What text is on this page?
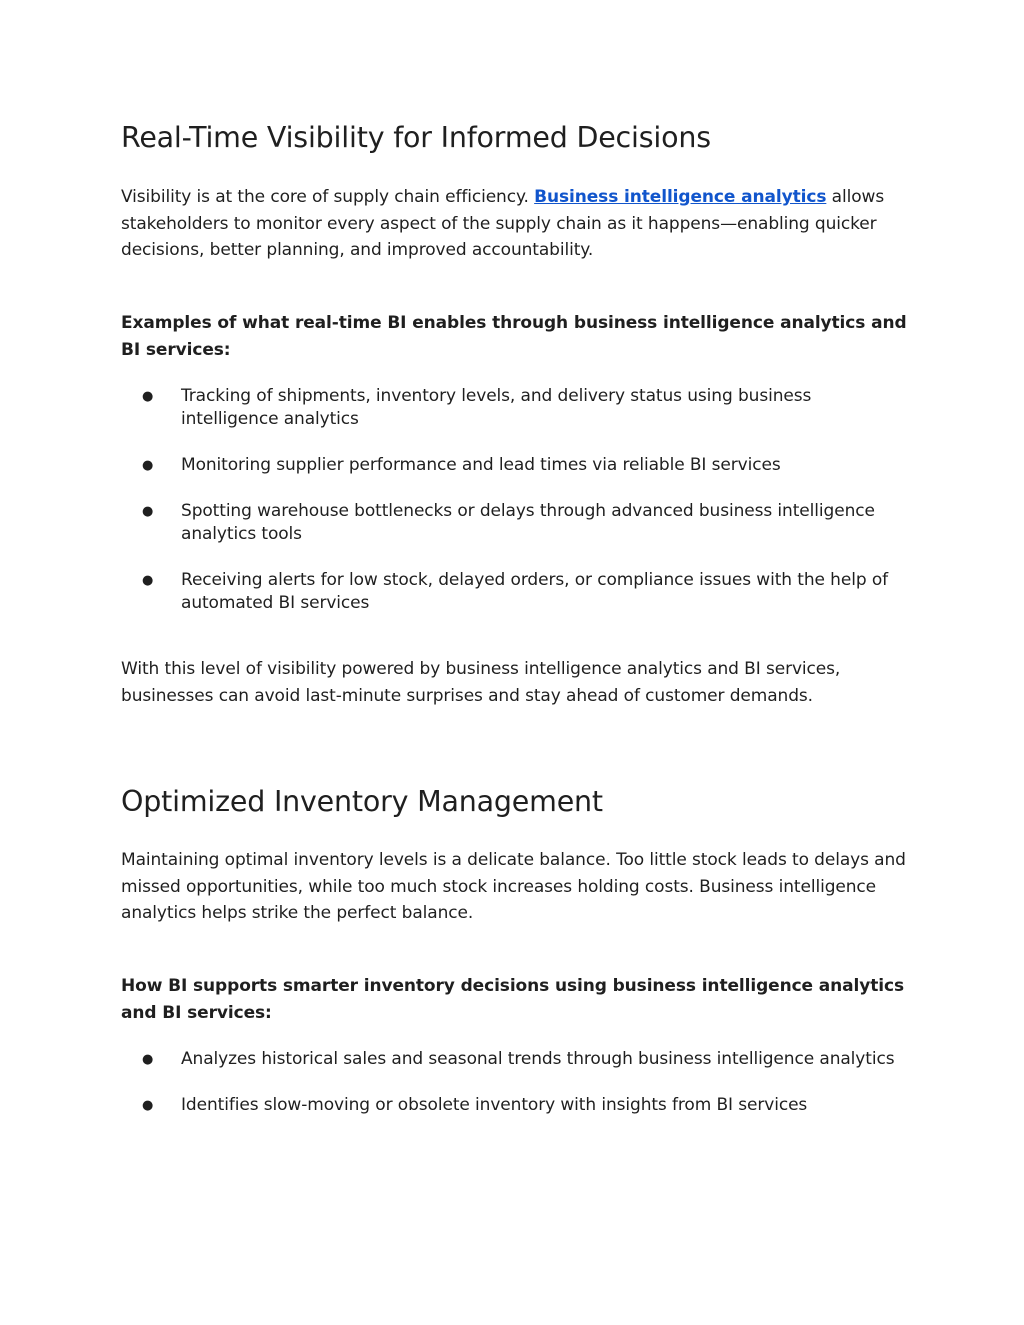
Real-Time Visibility for Informed Decisions

Visibility is at the core of supply chain efficiency. Business intelligence analytics allows stakeholders to monitor every aspect of the supply chain as it happens—enabling quicker decisions, better planning, and improved accountability.

Examples of what real-time BI enables through business intelligence analytics and BI services:

● Tracking of shipments, inventory levels, and delivery status using business intelligence analytics
● Monitoring supplier performance and lead times via reliable BI services
● Spotting warehouse bottlenecks or delays through advanced business intelligence analytics tools
● Receiving alerts for low stock, delayed orders, or compliance issues with the help of automated BI services

With this level of visibility powered by business intelligence analytics and BI services, businesses can avoid last-minute surprises and stay ahead of customer demands.

Optimized Inventory Management

Maintaining optimal inventory levels is a delicate balance. Too little stock leads to delays and missed opportunities, while too much stock increases holding costs. Business intelligence analytics helps strike the perfect balance.

How BI supports smarter inventory decisions using business intelligence analytics and BI services:

● Analyzes historical sales and seasonal trends through business intelligence analytics
● Identifies slow-moving or obsolete inventory with insights from BI services
